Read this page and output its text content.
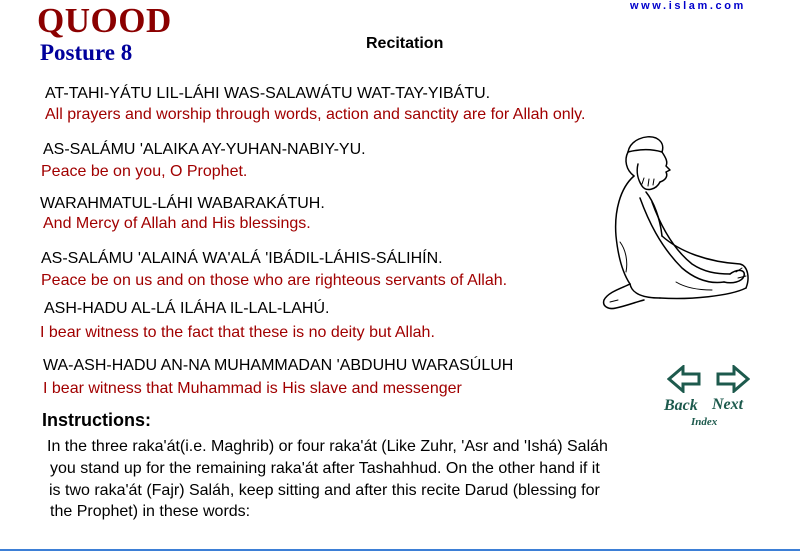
QUOOD
Posture 8
www.islam.com
Recitation
AT-TAHI-YÁTU LIL-LÁHI WAS-SALAWÁTU WAT-TAY-YIBÁTU.
All prayers and worship through words, action and sanctity are for Allah only.
AS-SALÁMU 'ALAIKA AY-YUHAN-NABIY-YU.
Peace be on you, O Prophet.
WARAHMATUL-LÁHI WABARAKÁTUH.
And Mercy of Allah and His blessings.
AS-SALÁMU 'ALAINÁ WA'ALÁ 'IBÁDIL-LÁHIS-SÁLIHÍN.
Peace be on us and on those who are righteous servants of Allah.
ASH-HADU AL-LÁ ILÁHA IL-LAL-LAHÚ.
I bear witness to the fact that these is no deity but Allah.
WA-ASH-HADU AN-NA MUHAMMADAN 'ABDUHU WARASÚLUH
I bear witness that Muhammad is His slave and messenger
Back Next
Index
Instructions:
In the three raka'át(i.e. Maghrib) or four raka'át (Like Zuhr, 'Asr and 'Ishá) Saláh
you stand up for the remaining raka'át after Tashahhud. On the other hand if it
is two raka'át (Fajr) Saláh, keep sitting and after this recite Darud (blessing for
the Prophet) in these words:
